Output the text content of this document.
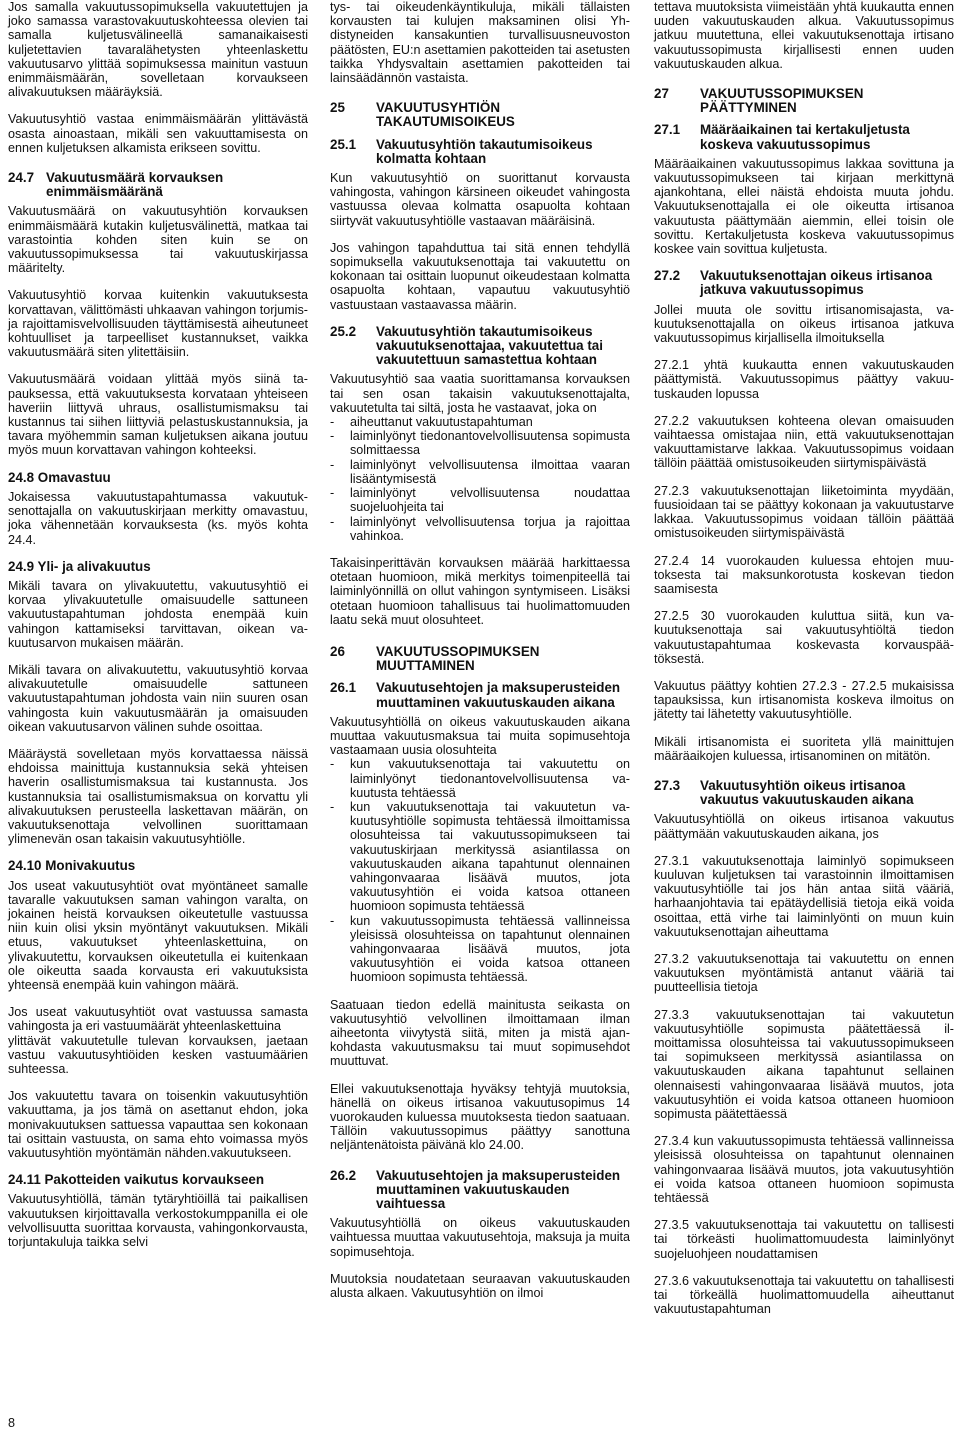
Jos samalla vakuutussopimuksella vakuutettujen ja joko samassa varastovakuutuskohteessa olevien tai samalla kuljetusvälineellä samanaikaisesti kuljetettavien tavaralähetysten yhteenlaskettu vakuutusarvo ylittää sopimuksessa mainitun vastuun enimmäismäärän, sovelletaan korvaukseen alivakuutuksen määräyksiä.

Vakuutusyhtiö vastaa enimmäismäärän ylittävästä osasta ainoastaan, mikäli sen vakuuttamisesta on ennen kuljetuksen alkamista erikseen sovittu.

24.7 Vakuutusmäärä korvauksen enimmäismääränä

Vakuutusmäärä on vakuutusyhtiön korvauksen enimmäismäärä kutakin kuljetusvälinettä, matkaa tai varastointia kohden siten kuin se on vakuutussopimuksessa tai vakuutuskirjassa määritelty.

Vakuutusyhtiö korvaa kuitenkin vakuutuksesta korvattavan, välittömästi uhkaavan vahingon torjumis- ja rajoittamisvelvollisuuden täyttämisestä aiheutuneet kohtuulliset ja tarpeelliset kustannukset, vaikka vakuutusmäärä siten ylitettäisiin.

Vakuutusmäärä voidaan ylittää myös siinä tapauksessa, että vakuutuksesta korvataan yhteiseen haveriin liittyvä uhraus, osallistumismaksu tai kustannus tai siihen liittyviä pelastuskustannuksia, ja tavara myöhemmin saman kuljetuksen aikana joutuu myös muun korvattavan vahingon kohteeksi.

24.8 Omavastuu

Jokaisessa vakuutustapahtumassa vakuutuksenottajalla on vakuutuskirjaan merkitty omavastuu, joka vähennetään korvauksesta (ks. myös kohta 24.4.

24.9 Yli- ja alivakuutus

Mikäli tavara on ylivakuutettu, vakuutusyhtiö ei korvaa ylivakuutetulle omaisuudelle sattuneen vakuutustapahtuman johdosta enempää kuin vahingon kattamiseksi tarvittavan, oikean vakuutusarvon mukaisen määrän.

Mikäli tavara on alivakuutettu, vakuutusyhtiö korvaa alivakuutetulle omaisuudelle sattuneen vakuutustapahtuman johdosta vain niin suuren osan vahingosta kuin vakuutusmäärän ja omaisuuden oikean vakuutusarvon välinen suhde osoittaa.

Määräystä sovelletaan myös korvattaessa näissä ehdoissa mainittuja kustannuksia sekä yhteisen haverin osallistumismaksua tai kustannusta. Jos kustannuksia tai osallistumismaksua on korvattu yli alivakuutuksen perusteella laskettavan määrän, on vakuutuksenottaja velvollinen suorittamaan ylimenevän osan takaisin vakuutusyhtiölle.

24.10 Monivakuutus

Jos useat vakuutusyhtiöt ovat myöntäneet samalle tavaralle vakuutuksen saman vahingon varalta, on jokainen heistä korvauksen oikeutetulle vastuussa niin kuin olisi yksin myöntänyt vakuutuksen. Mikäli etuus, vakuutukset yhteenlaskettuina, on ylivakuutettu, korvauksen oikeutetulla ei kuitenkaan ole oikeutta saada korvausta eri vakuutuksista yhteensä enempää kuin vahingon määrä.

Jos useat vakuutusyhtiöt ovat vastuussa samasta vahingosta ja eri vastuumäärät yhteenlaskettuina

ylittävät vakuutetulle tulevan korvauksen, jaetaan vastuu vakuutusyhtiöiden kesken vastuumäärien suhteessa.

Jos vakuutettu tavara on toisenkin vakuutusyhtiön vakuuttama, ja jos tämä on asettanut ehdon, joka monivakuutuksen sattuessa vapauttaa sen kokonaan tai osittain vastuusta, on sama ehto voimassa myös vakuutusyhtiön myöntämän nähden.vakuutukseen.

24.11 Pakotteiden vaikutus korvaukseen

Vakuutusyhtiöllä, tämän tytäryhtiöillä tai paikallisen vakuutuksen kirjoittavalla verkostokumppanilla ei ole velvollisuutta suorittaa korvausta, vahingonkorvausta, torjuntakuluja taikka selvi

tys- tai oikeudenkäyntikuluja, mikäli tällaisten korvausten tai kulujen maksaminen olisi Yhdistyneiden kansakuntien turvallisuusneuvoston päätösten, EU:n asettamien pakotteiden tai asetusten taikka Yhdysvaltain asettamien pakotteiden tai lainsäädännön vastaista.

25	VAKUUTUSYHTIÖN TAKAUTUMISOIKEUS
25.1	Vakuutusyhtiön takautumisoikeus kolmatta kohtaan

Kun vakuutusyhtiö on suorittanut korvausta vahingosta, vahingon kärsineen oikeudet vahingosta vastuussa olevaa kolmatta osapuolta kohtaan siirtyvät vakuutusyhtiölle vastaavan määräisinä.

Jos vahingon tapahduttua tai sitä ennen tehdyllä sopimuksella vakuutuksenottaja tai vakuutettu on kokonaan tai osittain luopunut oikeudestaan kolmatta osapuolta kohtaan, vapautuu vakuutusyhtiö vastuustaan vastaavassa määrin.

25.2	Vakuutusyhtiön takautumisoikeus vakuutuksenottajaa, vakuutettua tai vakuutettuun samastettua kohtaan

Vakuutusyhtiö saa vaatia suorittamansa korvauksen tai sen osan takaisin vakuutuksenottajalta, vakuutetulta tai siltä, josta he vastaavat, joka on

-	aiheuttanut vakuutustapahtuman
-	laiminlyönyt tiedonantovelvollisuutensa sopimusta solmittaessa
-	laiminlyönyt velvollisuutensa ilmoittaa vaaran lisääntymisestä
-	laiminlyönyt velvollisuutensa noudattaa suojeluohjeita tai
-	laiminlyönyt velvollisuutensa torjua ja rajoittaa vahinkoa.

Takaisinperittävän korvauksen määrää harkittaessa otetaan huomioon, mikä merkitys toimenpiteellä tai laiminlyönnillä on ollut vahingon syntymiseen. Lisäksi otetaan huomioon tahallisuus tai huolimattomuuden laatu sekä muut olosuhteet.

26	VAKUUTUSSOPIMUKSEN MUUTTAMINEN
26.1	Vakuutusehtojen ja maksuperusteiden muuttaminen vakuutuskauden aikana

Vakuutusyhtiöllä on oikeus vakuutuskauden aikana muuttaa vakuutusmaksua tai muita sopimusehtoja vastaamaan uusia olosuhteita

-	kun vakuutuksenottaja tai vakuutettu on laiminlyönyt tiedonantovelvollisuutensa vakuutusta tehtäessä
-	kun vakuutuksenottaja tai vakuutetun vakuutusyhtiölle sopimusta tehtäessä ilmoittamissa olosuhteissa tai vakuutussopimukseen tai vakuutuskirjaan merkityssä asiantilassa on vakuutuskauden aikana tapahtunut olennainen vahingonvaaraa lisäävä muutos, jota vakuutusyhtiön ei voida katsoa ottaneen huomioon sopimusta tehtäessä
-	kun vakuutussopimusta tehtäessä vallinneissa yleisissä olosuhteissa on tapahtunut olennainen vahingonvaaraa lisäävä muutos, jota vakuutusyhtiön ei voida katsoa ottaneen huomioon sopimusta tehtäessä.

Saatuaan tiedon edellä mainitusta seikasta on vakuutusyhtiö velvollinen ilmoittamaan ilman aiheetonta viivytystä siitä, miten ja mistä ajankohdasta vakuutusmaksu tai muut sopimusehdot muuttuvat.

Ellei vakuutuksenottaja hyväksy tehtyjä muutoksia, hänellä on oikeus irtisanoa vakuutusopimus 14 vuorokauden kuluessa muutoksesta tiedon saatuaan. Tällöin vakuutussopimus päättyy sanottuna neljäntenätoista päivänä klo 24.00.

26.2	Vakuutusehtojen ja maksuperusteiden muuttaminen vakuutuskauden vaihtuessa

Vakuutusyhtiöllä on oikeus vakuutuskauden vaihtuessa muuttaa vakuutusehtoja, maksuja ja muita sopimusehtoja.

Muutoksia noudatetaan seuraavan vakuutuskauden alusta alkaen. Vakuutusyhtiön on ilmoi

tettava muutoksista viimeistään yhtä kuukautta ennen uuden vakuutuskauden alkua. Vakuutussopimus jatkuu muutettuna, ellei vakuutuksenottaja irtisano vakuutussopimusta kirjallisesti ennen uuden vakuutuskauden alkua.

27	VAKUUTUSSOPIMUKSEN PÄÄTTYMINEN
27.1	Määräaikainen tai kertakuljetusta koskeva vakuutussopimus

Määräaikainen vakuutussopimus lakkaa sovittuna ja vakuutussopimukseen tai kirjaan merkittynä ajankohtana, ellei näistä ehdoista muuta johdu. Vakuutuksenottajalla ei ole oikeutta irtisanoa vakuutusta päättymään aiemmin, ellei toisin ole sovittu. Kertakuljetusta koskeva vakuutussopimus koskee vain sovittua kuljetusta.

27.2	Vakuutuksenottajan oikeus irtisanoa jatkuva vakuutussopimus

Jollei muuta ole sovittu irtisanomisajasta, vakuutuksenottajalla on oikeus irtisanoa jatkuva vakuutussopimus kirjallisella ilmoituksella

27.2.1 yhtä kuukautta ennen vakuutuskauden päättymistä. Vakuutussopimus päättyy vakuutuskauden lopussa

27.2.2 vakuutuksen kohteena olevan omaisuuden vaihtaessa omistajaa niin, että vakuutuksenottajan vakuuttamistarve lakkaa. Vakuutussopimus voidaan tällöin päättää omistusoikeuden siirtymispäivästä

27.2.3 vakuutuksenottajan liiketoiminta myydään, fuusioidaan tai se päättyy kokonaan ja vakuutustarve lakkaa. Vakuutussopimus voidaan tällöin päättää omistusoikeuden siirtymispäivästä

27.2.4 14 vuorokauden kuluessa ehtojen muutoksesta tai maksunkorotusta koskevan tiedon saamisesta

27.2.5 30 vuorokauden kuluttua siitä, kun vakuutuksenottaja sai vakuutusyhtiöltä tiedon vakuutustapahtumaa koskevasta korvauspäätöksestä.

Vakuutus päättyy kohtien 27.2.3 - 27.2.5 mukaisissa tapauksissa, kun irtisanomista koskeva ilmoitus on jätetty tai lähetetty vakuutusyhtiölle.

Mikäli irtisanomista ei suoriteta yllä mainittujen määräaikojen kuluessa, irtisanominen on mitätön.

27.3	Vakuutusyhtiön oikeus irtisanoa vakuutus vakuutuskauden aikana

Vakuutusyhtiöllä on oikeus irtisanoa vakuutus päättymään vakuutuskauden aikana, jos

27.3.1 vakuutuksenottaja laiminlyö sopimukseen kuuluvan kuljetuksen tai varastoinnin ilmoittamisen vakuutusyhtiölle tai jos hän antaa siitä vääriä, harhaanjohtavia tai epätäydellisiä tietoja eikä voida osoittaa, että virhe tai laiminlyönti on muun kuin vakuutuksenottajan aiheuttama

27.3.2 vakuutuksenottaja tai vakuutettu on ennen vakuutuksen myöntämistä antanut vääriä tai puutteellisia tietoja

27.3.3 vakuutuksenottajan tai vakuutetun vakuutusyhtiölle sopimusta päätettäessä ilmoittamissa olosuhteissa tai vakuutussopimukseen tai sopimukseen merkityssä asiantilassa on vakuutuskauden aikana tapahtunut sellainen olennaisesti vahingonvaaraa lisäävä muutos, jota vakuutusyhtiön ei voida katsoa ottaneen huomioon sopimusta päätettäessä

27.3.4 kun vakuutussopimusta tehtäessä vallinneissa yleisissä olosuhteissa on tapahtunut olennainen vahingonvaaraa lisäävä muutos, jota vakuutusyhtiön ei voida katsoa ottaneen huomioon sopimusta tehtäessä

27.3.5 vakuutuksenottaja tai vakuutettu on tallisesti tai törkeästi huolimattomuudesta laiminlyönyt suojeluohjeen noudattamisen

27.3.6 vakuutuksenottaja tai vakuutettu on tahallisesti tai törkeällä huolimattomuudella aiheuttanut vakuutustapahtuman

8
